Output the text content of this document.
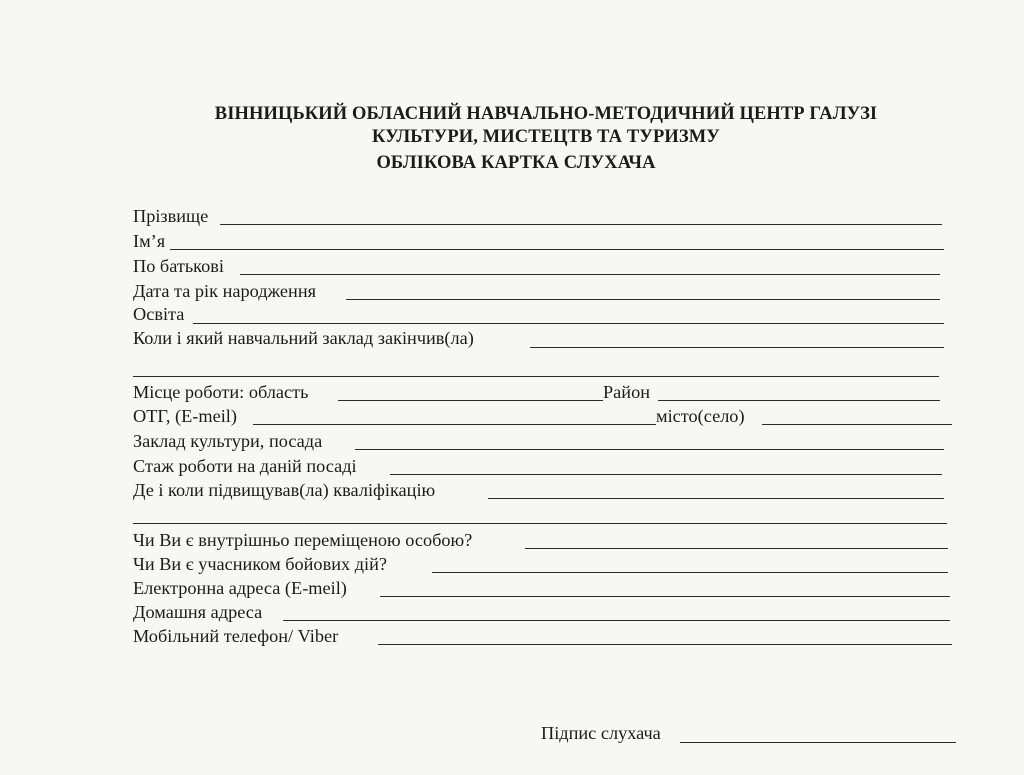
ВІННИЦЬКИЙ ОБЛАСНИЙ НАВЧАЛЬНО-МЕТОДИЧНИЙ ЦЕНТР ГАЛУЗІ
КУЛЬТУРИ, МИСТЕЦТВ ТА ТУРИЗМУ
ОБЛІКОВА КАРТКА СЛУХАЧА
Прізвище
Ім’я
По батькові
Дата та рік народження
Освіта
Коли і який навчальний заклад закінчив(ла)
Місце роботи: область	Район
ОТГ, (E-meil)	місто(село)
Заклад культури, посада
Стаж роботи на даній посаді
Де і коли підвищував(ла) кваліфікацію
Чи Ви є внутрішньо переміщеною особою?
Чи Ви є учасником бойових дій?
Електронна адреса (E-meil)
Домашня адреса
Мобільний телефон/ Viber
Підпис слухача
